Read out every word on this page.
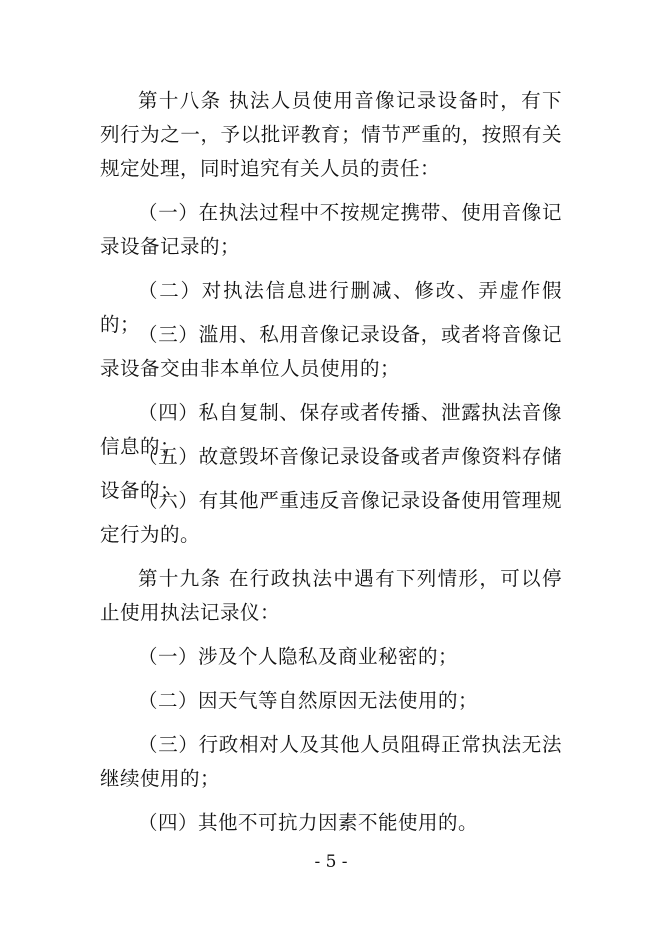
第十八条 执法人员使用音像记录设备时，有下列行为之一，予以批评教育；情节严重的，按照有关规定处理，同时追究有关人员的责任：

（一）在执法过程中不按规定携带、使用音像记录设备记录的；

（二）对执法信息进行删减、修改、弄虚作假的；

（三）滥用、私用音像记录设备，或者将音像记录设备交由非本单位人员使用的；

（四）私自复制、保存或者传播、泄露执法音像信息的；

（五）故意毁坏音像记录设备或者声像资料存储设备的；

（六）有其他严重违反音像记录设备使用管理规定行为的。

第十九条 在行政执法中遇有下列情形，可以停止使用执法记录仪：

（一）涉及个人隐私及商业秘密的；

（二）因天气等自然原因无法使用的；

（三）行政相对人及其他人员阻碍正常执法无法继续使用的；

（四）其他不可抗力因素不能使用的。

- 5 -
